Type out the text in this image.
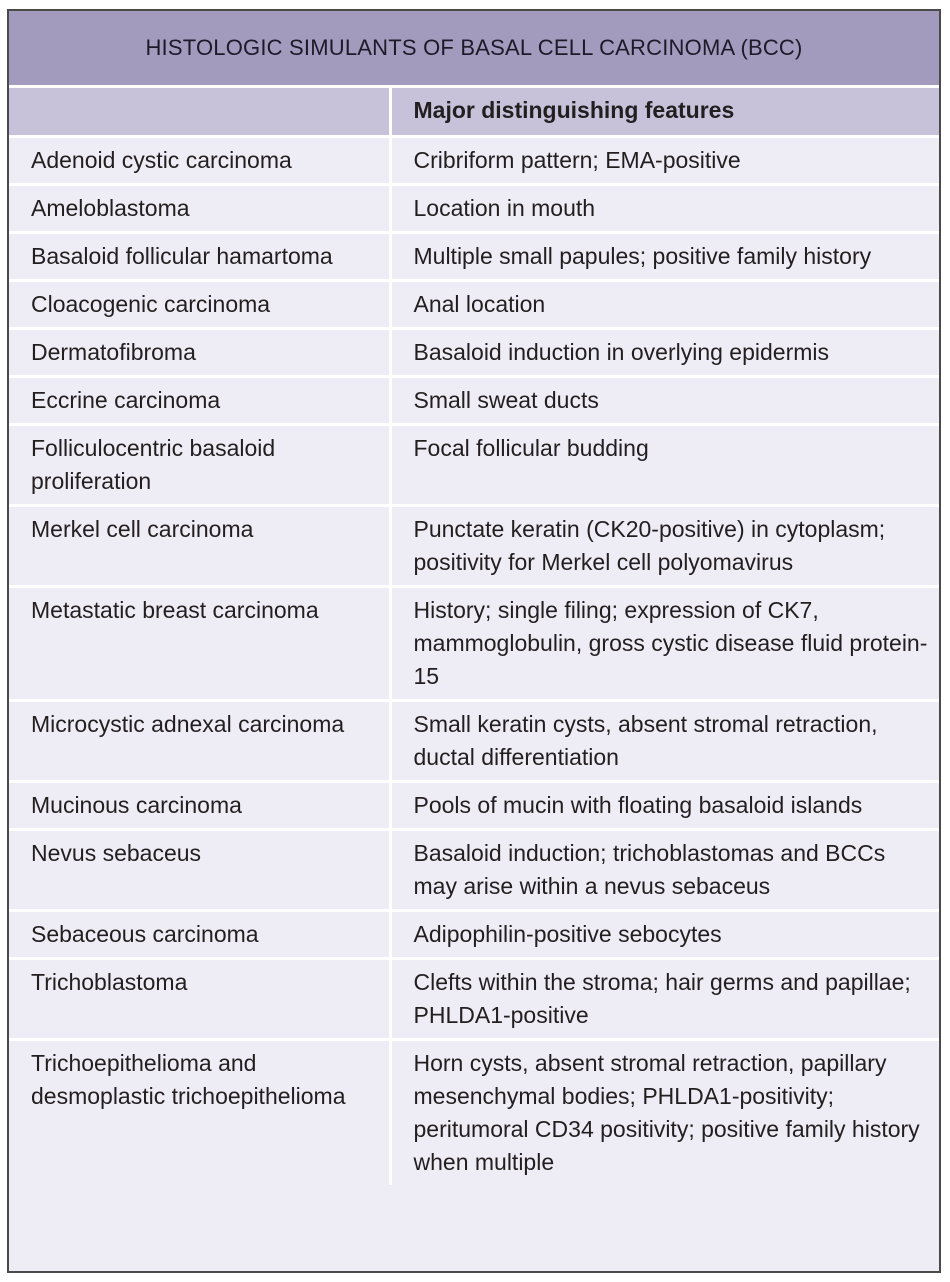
HISTOLOGIC SIMULANTS OF BASAL CELL CARCINOMA (BCC)
	Major distinguishing features
Adenoid cystic carcinoma	Cribriform pattern; EMA-positive
Ameloblastoma	Location in mouth
Basaloid follicular hamartoma	Multiple small papules; positive family history
Cloacogenic carcinoma	Anal location
Dermatofibroma	Basaloid induction in overlying epidermis
Eccrine carcinoma	Small sweat ducts
Folliculocentric basaloid proliferation	Focal follicular budding
Merkel cell carcinoma	Punctate keratin (CK20-positive) in cytoplasm; positivity for Merkel cell polyomavirus
Metastatic breast carcinoma	History; single filing; expression of CK7, mammoglobulin, gross cystic disease fluid protein-15
Microcystic adnexal carcinoma	Small keratin cysts, absent stromal retraction, ductal differentiation
Mucinous carcinoma	Pools of mucin with floating basaloid islands
Nevus sebaceus	Basaloid induction; trichoblastomas and BCCs may arise within a nevus sebaceus
Sebaceous carcinoma	Adipophilin-positive sebocytes
Trichoblastoma	Clefts within the stroma; hair germs and papillae; PHLDA1-positive
Trichoepithelioma and desmoplastic trichoepithelioma	Horn cysts, absent stromal retraction, papillary mesenchymal bodies; PHLDA1-positivity; peritumoral CD34 positivity; positive family history when multiple
